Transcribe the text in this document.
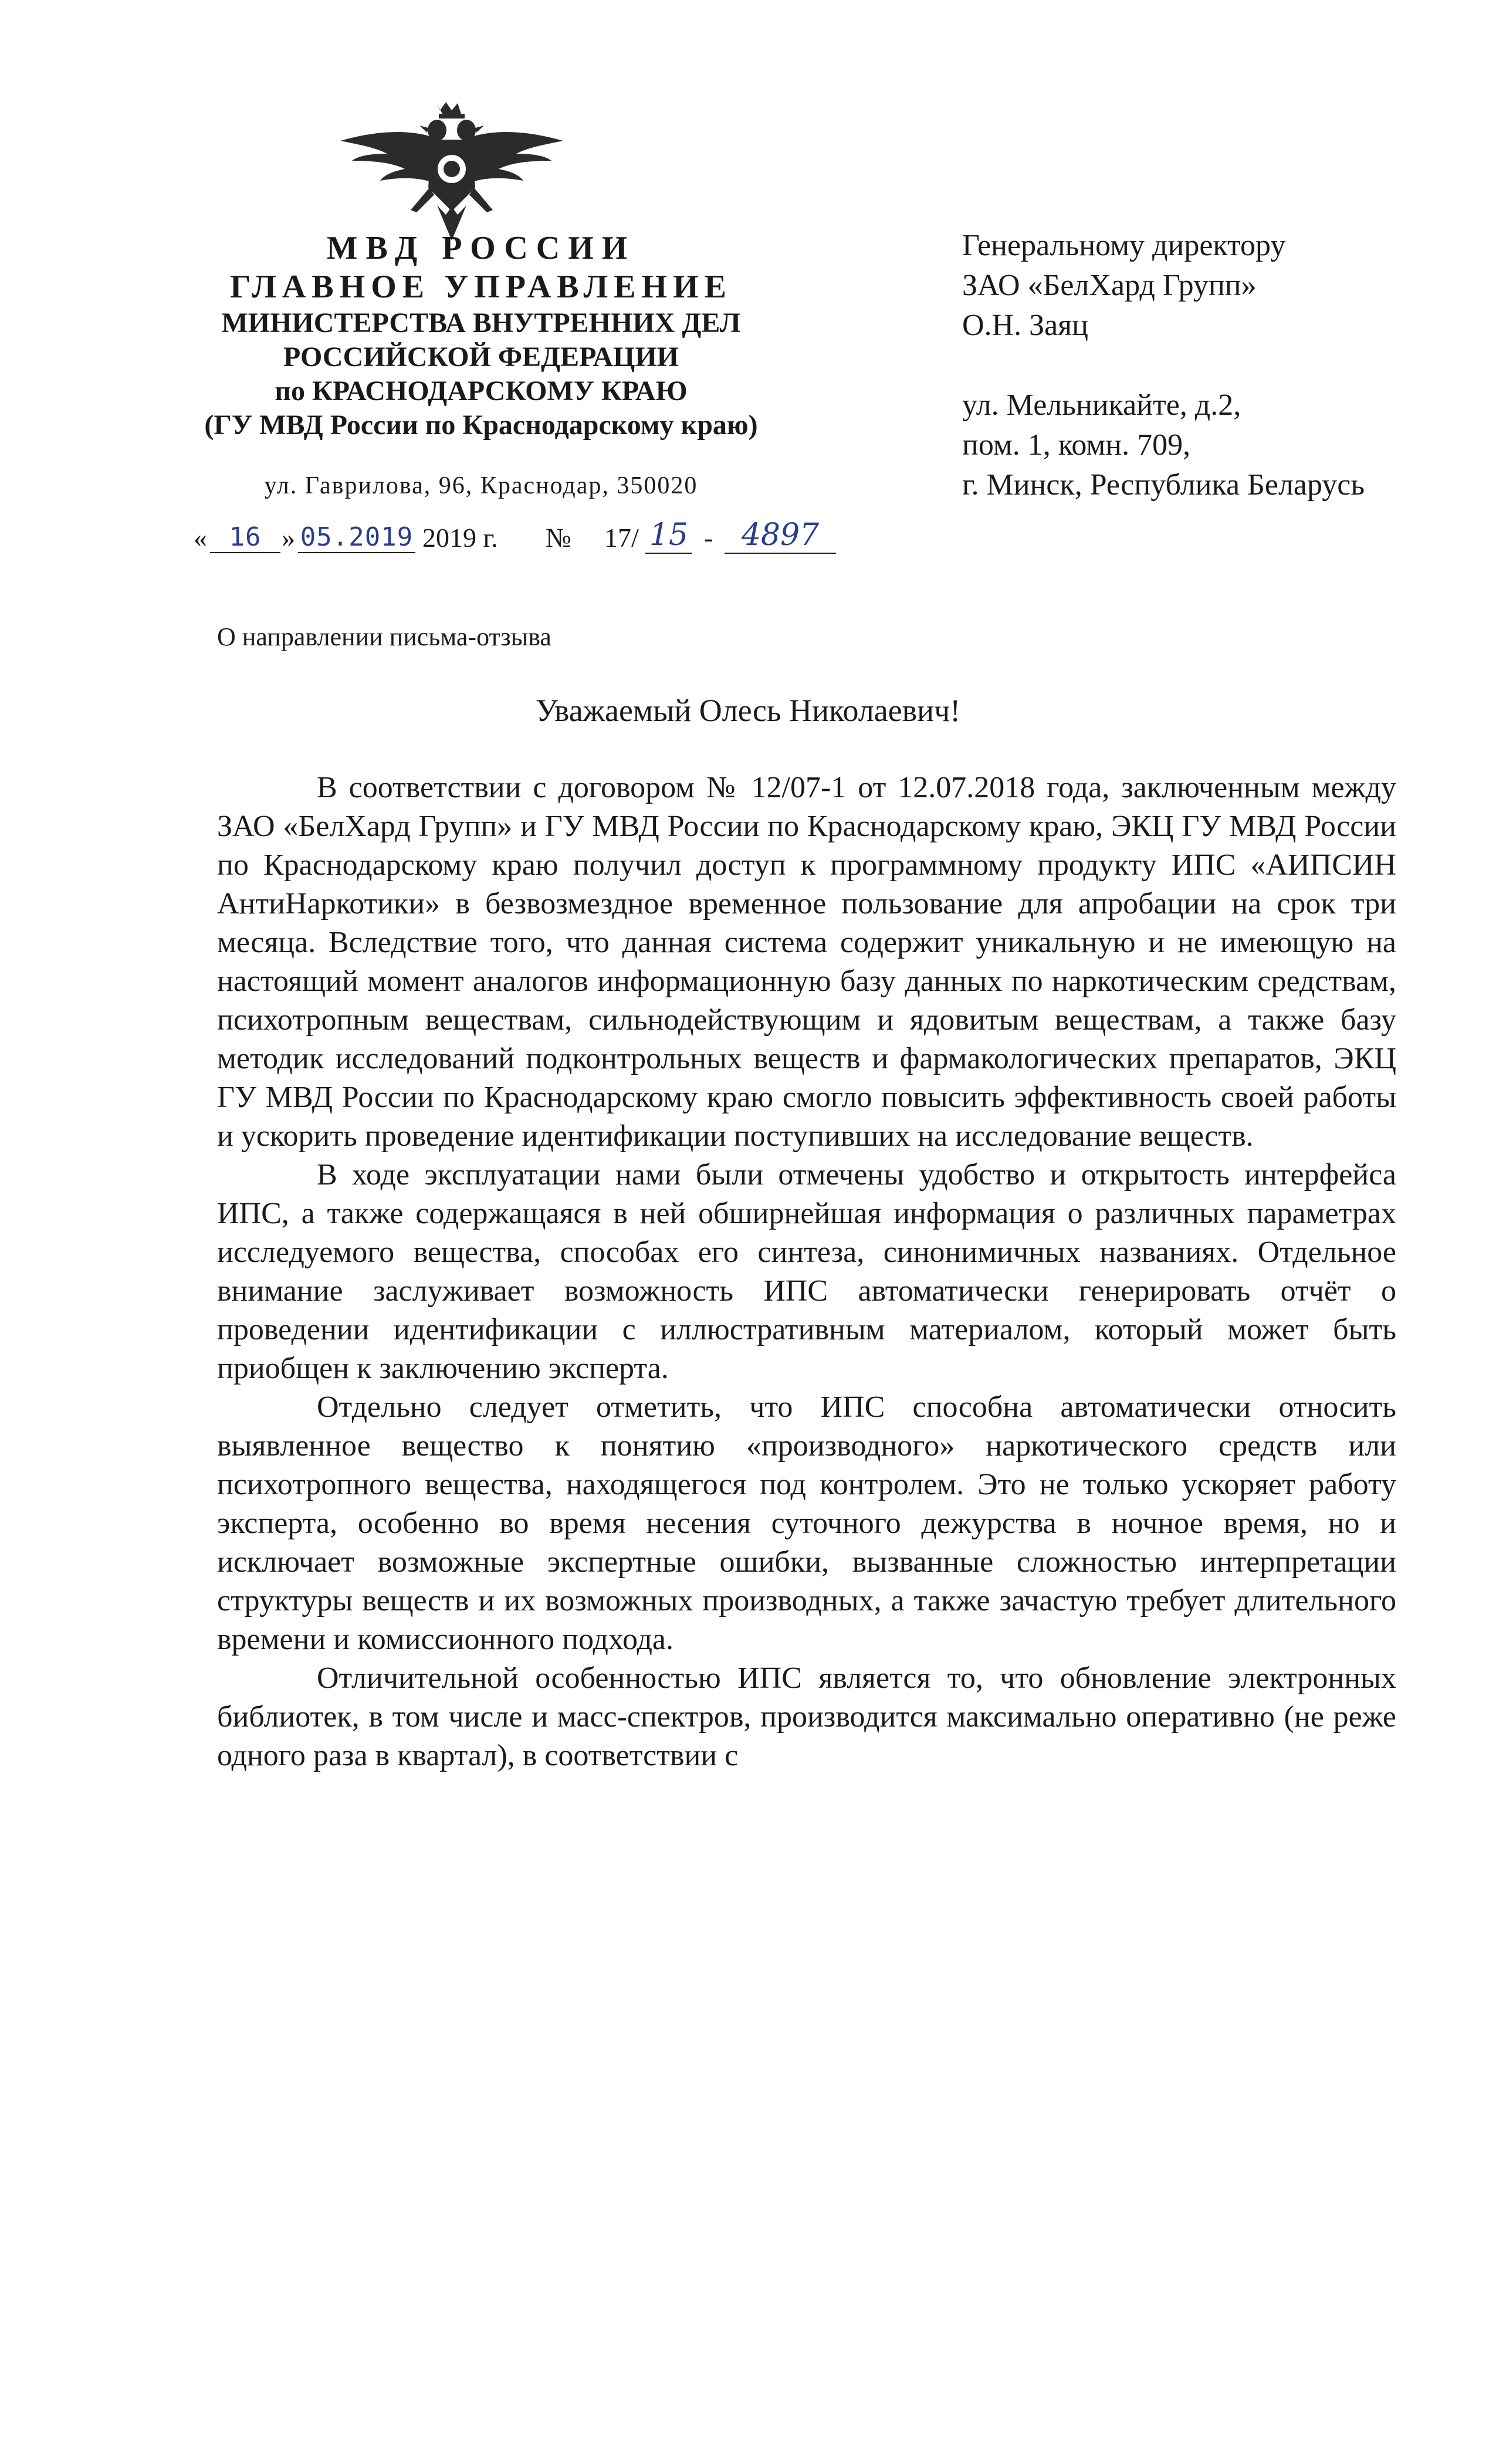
МВД РОССИИ
ГЛАВНОЕ УПРАВЛЕНИЕ
МИНИСТЕРСТВА ВНУТРЕННИХ ДЕЛ
РОССИЙСКОЙ ФЕДЕРАЦИИ
по КРАСНОДАРСКОМУ КРАЮ
(ГУ МВД России по Краснодарскому краю)
ул. Гаврилова, 96, Краснодар, 350020
« 16 » 05.2019 2019 г. № 17/ 15 - 4897
Генеральному директору
ЗАО «БелХард Групп»
О.Н. Заяц
ул. Мельникайте, д.2,
пом. 1, комн. 709,
г. Минск, Республика Беларусь
О направлении письма-отзыва
Уважаемый Олесь Николаевич!

В соответствии с договором № 12/07-1 от 12.07.2018 года, заключенным между ЗАО «БелХард Групп» и ГУ МВД России по Краснодарскому краю, ЭКЦ ГУ МВД России по Краснодарскому краю получил доступ к программному продукту ИПС «АИПСИН АнтиНаркотики» в безвозмездное временное пользование для апробации на срок три месяца. Вследствие того, что данная система содержит уникальную и не имеющую на настоящий момент аналогов информационную базу данных по наркотическим средствам, психотропным веществам, сильнодействующим и ядовитым веществам, а также базу методик исследований подконтрольных веществ и фармакологических препаратов, ЭКЦ ГУ МВД России по Краснодарскому краю смогло повысить эффективность своей работы и ускорить проведение идентификации поступивших на исследование веществ.

В ходе эксплуатации нами были отмечены удобство и открытость интерфейса ИПС, а также содержащаяся в ней обширнейшая информация о различных параметрах исследуемого вещества, способах его синтеза, синонимичных названиях. Отдельное внимание заслуживает возможность ИПС автоматически генерировать отчёт о проведении идентификации с иллюстративным материалом, который может быть приобщен к заключению эксперта.

Отдельно следует отметить, что ИПС способна автоматически относить выявленное вещество к понятию «производного» наркотического средств или психотропного вещества, находящегося под контролем. Это не только ускоряет работу эксперта, особенно во время несения суточного дежурства в ночное время, но и исключает возможные экспертные ошибки, вызванные сложностью интерпретации структуры веществ и их возможных производных, а также зачастую требует длительного времени и комиссионного подхода.

Отличительной особенностью ИПС является то, что обновление электронных библиотек, в том числе и масс-спектров, производится максимально оперативно (не реже одного раза в квартал), в соответствии с
